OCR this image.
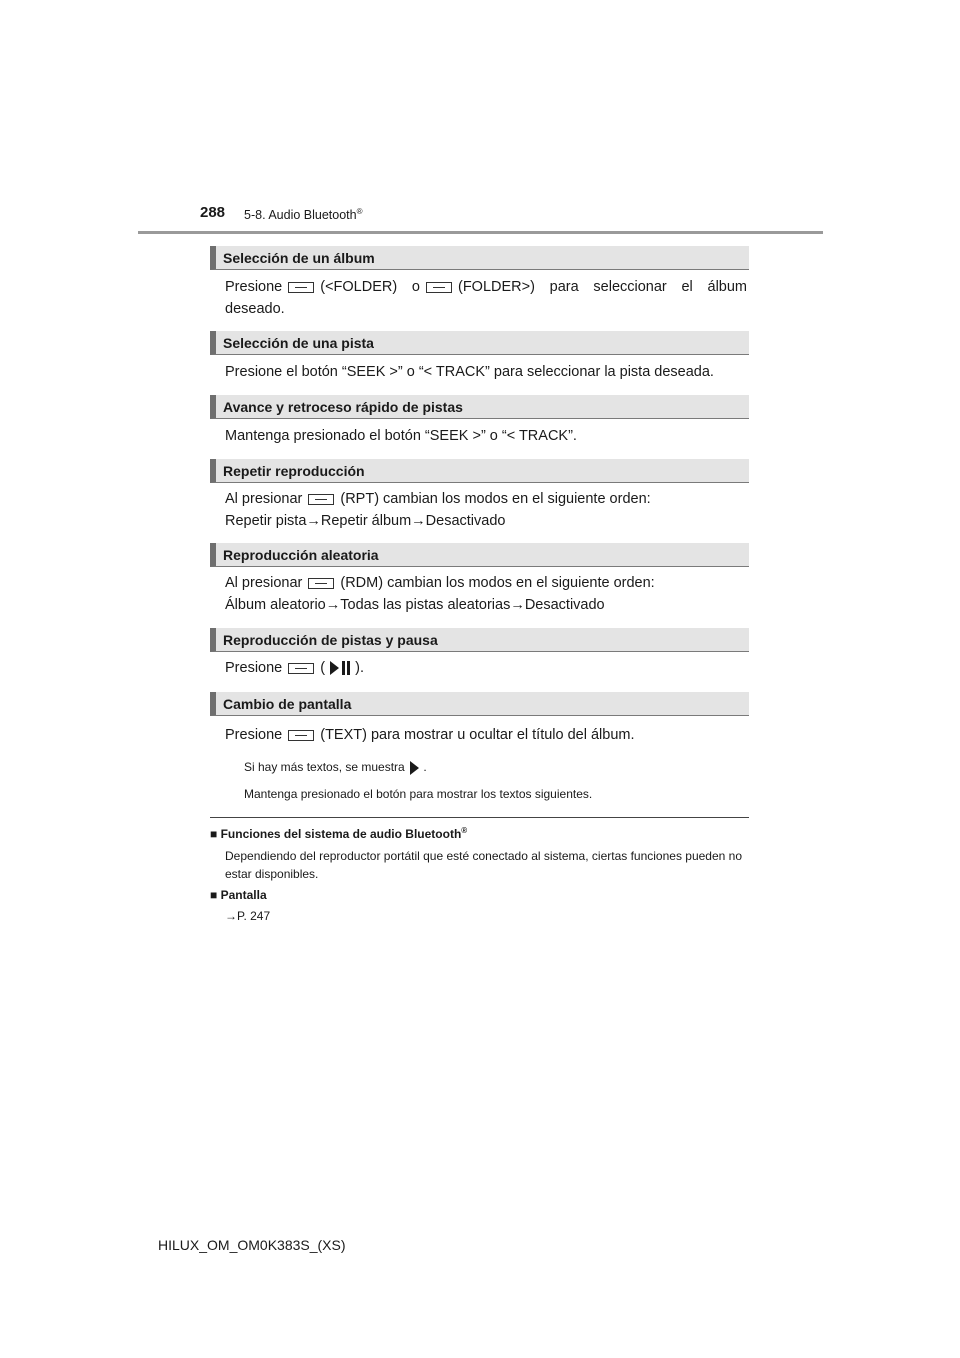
288 5-8. Audio Bluetooth®
Selección de un álbum
Presione	(<FOLDER) o	(FOLDER>) para seleccionar el álbum
deseado.
Selección de una pista
Presione el botón “SEEK >” o “< TRACK” para seleccionar la pista deseada.
Avance y retroceso rápido de pistas
Mantenga presionado el botón “SEEK >” o “< TRACK”.
Repetir reproducción
Al presionar	(RPT) cambian los modos en el siguiente orden:
Repetir pista→Repetir álbum→Desactivado
Reproducción aleatoria
Al presionar	(RDM) cambian los modos en el siguiente orden:
Álbum aleatorio→Todas las pistas aleatorias→Desactivado
Reproducción de pistas y pausa
Presione	( ).
Cambio de pantalla
Presione	(TEXT) para mostrar u ocultar el título del álbum.
Si hay más textos, se muestra .
Mantenga presionado el botón para mostrar los textos siguientes.
■ Funciones del sistema de audio Bluetooth®
Dependiendo del reproductor portátil que esté conectado al sistema, ciertas funciones pueden no estar disponibles.
■ Pantalla
→P. 247
HILUX_OM_OM0K383S_(XS)
